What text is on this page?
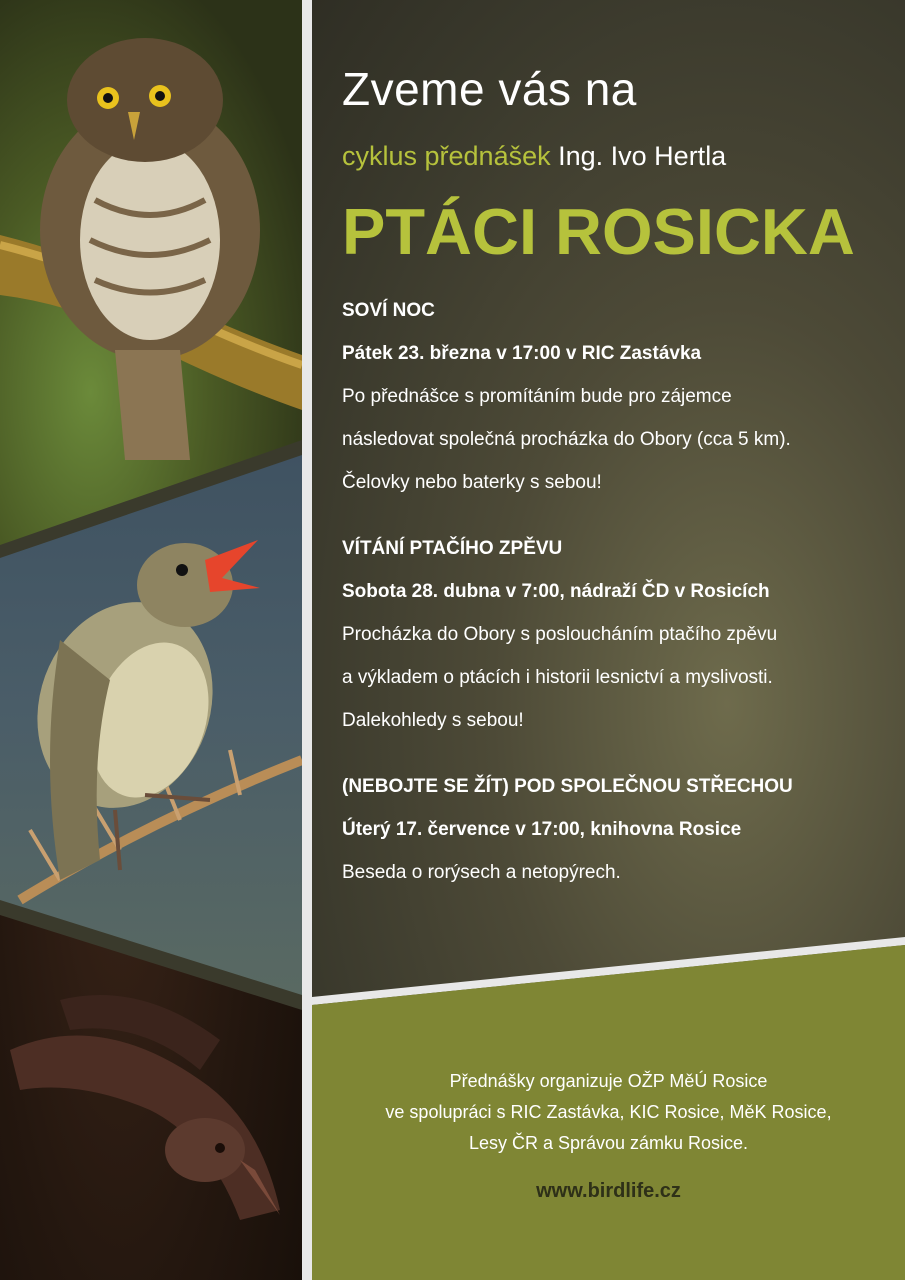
Zveme vás na
cyklus přednášek Ing. Ivo Hertla
PTÁCI ROSICKA
SOVÍ NOC
Pátek 23. března v 17:00 v RIC Zastávka
Po přednášce s promítáním bude pro zájemce
následovat společná procházka do Obory (cca 5 km).
Čelovky nebo baterky s sebou!
VÍTÁNÍ PTAČÍHO ZPĚVU
Sobota 28. dubna v 7:00, nádraží ČD v Rosicích
Procházka do Obory s posloucháním ptačího zpěvu
a výkladem o ptácích i historii lesnictví a myslivosti.
Dalekohledy s sebou!
(NEBOJTE SE ŽÍT) POD SPOLEČNOU STŘECHOU
Úterý 17. července v 17:00, knihovna Rosice
Beseda o rorýsech a netopýrech.
Přednášky organizuje OŽP MěÚ Rosice
ve spolupráci s RIC Zastávka, KIC Rosice, MěK Rosice,
Lesy ČR a Správou zámku Rosice.
www.birdlife.cz
